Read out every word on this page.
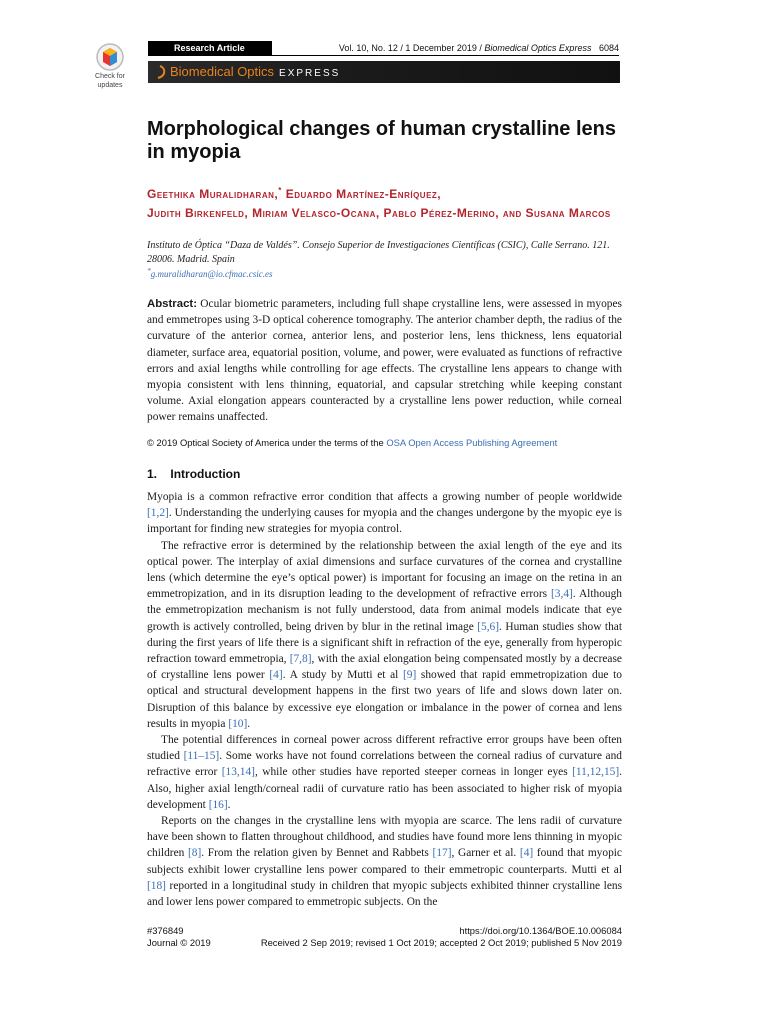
Check for
updates
Research Article	Vol. 10, No. 12 / 1 December 2019 / Biomedical Optics Express 6084
Biomedical Optics EXPRESS
Morphological changes of human crystalline lens in myopia
Geethika Muralidharan,* Eduardo Martínez-Enríquez,
Judith Birkenfeld, Miriam Velasco-Ocana, Pablo Pérez-Merino, and Susana Marcos
Instituto de Óptica “Daza de Valdés”. Consejo Superior de Investigaciones Científicas (CSIC), Calle Serrano. 121. 28006. Madrid. Spain
*g.muralidharan@io.cfmac.csic.es
Abstract: Ocular biometric parameters, including full shape crystalline lens, were assessed in myopes and emmetropes using 3-D optical coherence tomography. The anterior chamber depth, the radius of the curvature of the anterior cornea, anterior lens, and posterior lens, lens thickness, lens equatorial diameter, surface area, equatorial position, volume, and power, were evaluated as functions of refractive errors and axial lengths while controlling for age effects. The crystalline lens appears to change with myopia consistent with lens thinning, equatorial, and capsular stretching while keeping constant volume. Axial elongation appears counteracted by a crystalline lens power reduction, while corneal power remains unaffected.
© 2019 Optical Society of America under the terms of the OSA Open Access Publishing Agreement
1. Introduction

Myopia is a common refractive error condition that affects a growing number of people worldwide [1,2]. Understanding the underlying causes for myopia and the changes undergone by the myopic eye is important for finding new strategies for myopia control.

The refractive error is determined by the relationship between the axial length of the eye and its optical power. The interplay of axial dimensions and surface curvatures of the cornea and crystalline lens (which determine the eye’s optical power) is important for focusing an image on the retina in an emmetropization, and in its disruption leading to the development of refractive errors [3,4]. Although the emmetropization mechanism is not fully understood, data from animal models indicate that eye growth is actively controlled, being driven by blur in the retinal image [5,6]. Human studies show that during the first years of life there is a significant shift in refraction of the eye, generally from hyperopic refraction toward emmetropia, [7,8], with the axial elongation being compensated mostly by a decrease of crystalline lens power [4]. A study by Mutti et al [9] showed that rapid emmetropization due to optical and structural development happens in the first two years of life and slows down later on. Disruption of this balance by excessive eye elongation or imbalance in the power of cornea and lens results in myopia [10].

The potential differences in corneal power across different refractive error groups have been often studied [11–15]. Some works have not found correlations between the corneal radius of curvature and refractive error [13,14], while other studies have reported steeper corneas in longer eyes [11,12,15]. Also, higher axial length/corneal radii of curvature ratio has been associated to higher risk of myopia development [16].

Reports on the changes in the crystalline lens with myopia are scarce. The lens radii of curvature have been shown to flatten throughout childhood, and studies have found more lens thinning in myopic children [8]. From the relation given by Bennet and Rabbets [17], Garner et al. [4] found that myopic subjects exhibit lower crystalline lens power compared to their emmetropic counterparts. Mutti et al [18] reported in a longitudinal study in children that myopic subjects exhibited thinner crystalline lens and lower lens power compared to emmetropic subjects. On the

#376849
Journal © 2019
https://doi.org/10.1364/BOE.10.006084
Received 2 Sep 2019; revised 1 Oct 2019; accepted 2 Oct 2019; published 5 Nov 2019
